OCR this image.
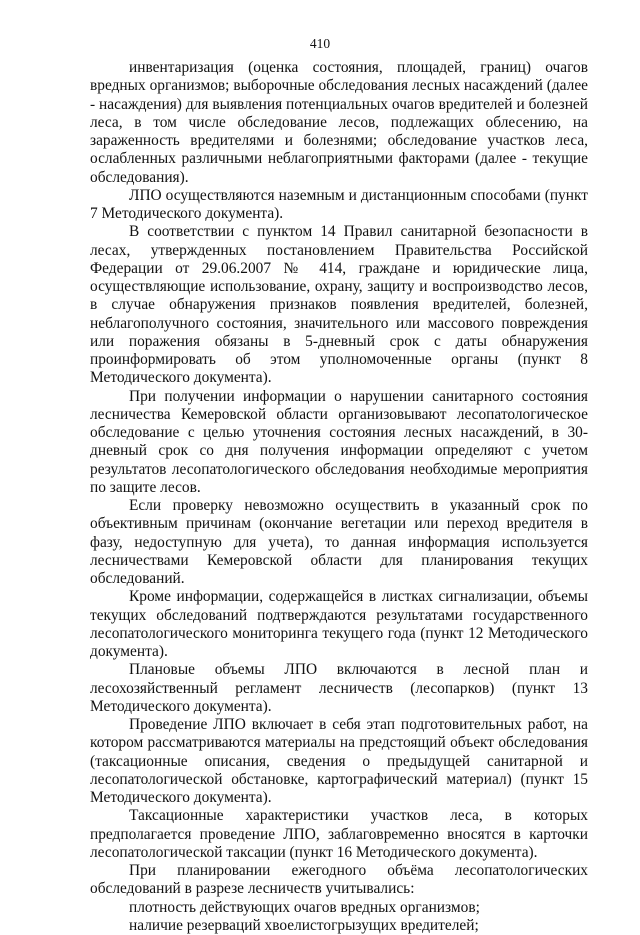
410

инвентаризация (оценка состояния, площадей, границ) очагов вредных организмов; выборочные обследования лесных насаждений (далее - насаждения) для выявления потенциальных очагов вредителей и болезней леса, в том числе обследование лесов, подлежащих облесению, на зараженность вредителями и болезнями; обследование участков леса, ослабленных различными неблагоприятными факторами (далее - текущие обследования).

ЛПО осуществляются наземным и дистанционным способами (пункт 7 Методического документа).

В соответствии с пунктом 14 Правил санитарной безопасности в лесах, утвержденных постановлением Правительства Российской Федерации от 29.06.2007 № 414, граждане и юридические лица, осуществляющие использование, охрану, защиту и воспроизводство лесов, в случае обнаружения признаков появления вредителей, болезней, неблагополучного состояния, значительного или массового повреждения или поражения обязаны в 5-дневный срок с даты обнаружения проинформировать об этом уполномоченные органы (пункт 8 Методического документа).

При получении информации о нарушении санитарного состояния лесничества Кемеровской области организовывают лесопатологическое обследование с целью уточнения состояния лесных насаждений, в 30-дневный срок со дня получения информации определяют с учетом результатов лесопатологического обследования необходимые мероприятия по защите лесов.

Если проверку невозможно осуществить в указанный срок по объективным причинам (окончание вегетации или переход вредителя в фазу, недоступную для учета), то данная информация используется лесничествами Кемеровской области для планирования текущих обследований.

Кроме информации, содержащейся в листках сигнализации, объемы текущих обследований подтверждаются результатами государственного лесопатологического мониторинга текущего года (пункт 12 Методического документа).

Плановые объемы ЛПО включаются в лесной план и лесохозяйственный регламент лесничеств (лесопарков) (пункт 13 Методического документа).

Проведение ЛПО включает в себя этап подготовительных работ, на котором рассматриваются материалы на предстоящий объект обследования (таксационные описания, сведения о предыдущей санитарной и лесопатологической обстановке, картографический материал) (пункт 15 Методического документа).

Таксационные характеристики участков леса, в которых предполагается проведение ЛПО, заблаговременно вносятся в карточки лесопатологической таксации (пункт 16 Методического документа).

При планировании ежегодного объёма лесопатологических обследований в разрезе лесничеств учитывались:

плотность действующих очагов вредных организмов;

наличие резерваций хвоелистогрызущих вредителей;
